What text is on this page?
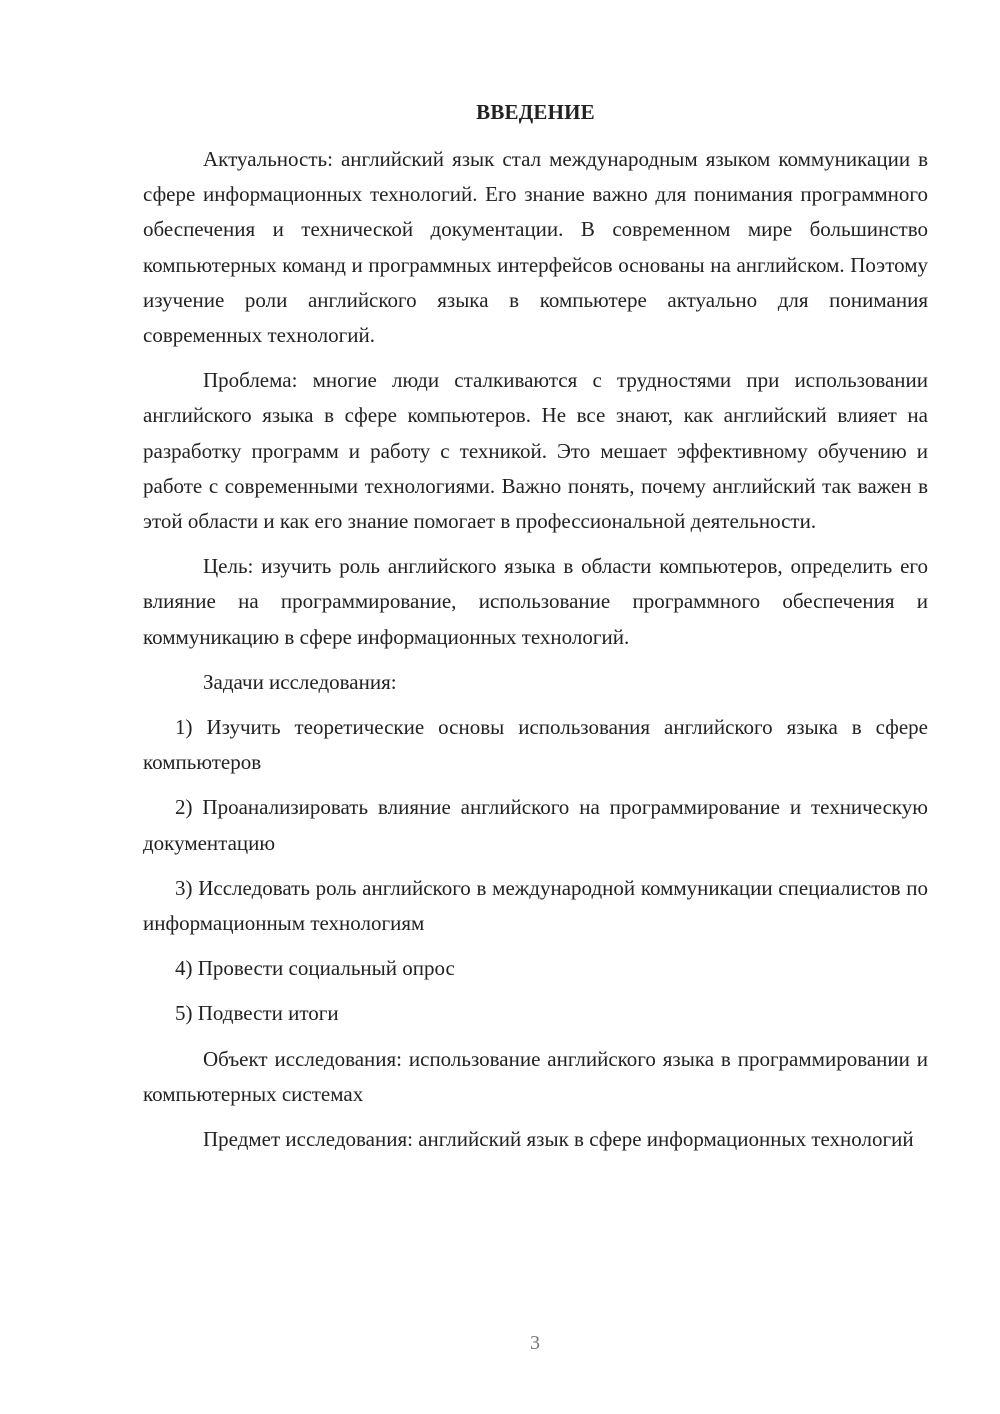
ВВЕДЕНИЕ

Актуальность: английский язык стал международным языком коммуникации в сфере информационных технологий. Его знание важно для понимания программного обеспечения и технической документации. В современном мире большинство компьютерных команд и программных интерфейсов основаны на английском. Поэтому изучение роли английского языка в компьютере актуально для понимания современных технологий.

Проблема: многие люди сталкиваются с трудностями при использовании английского языка в сфере компьютеров. Не все знают, как английский влияет на разработку программ и работу с техникой. Это мешает эффективному обучению и работе с современными технологиями. Важно понять, почему английский так важен в этой области и как его знание помогает в профессиональной деятельности.

Цель: изучить роль английского языка в области компьютеров, определить его влияние на программирование, использование программного обеспечения и коммуникацию в сфере информационных технологий.

Задачи исследования:

1) Изучить теоретические основы использования английского языка в сфере компьютеров
2) Проанализировать влияние английского на программирование и техническую документацию
3) Исследовать роль английского в международной коммуникации специалистов по информационным технологиям
4) Провести социальный опрос
5) Подвести итоги

Объект исследования: использование английского языка в программировании и компьютерных системах

Предмет исследования: английский язык в сфере информационных технологий

3
